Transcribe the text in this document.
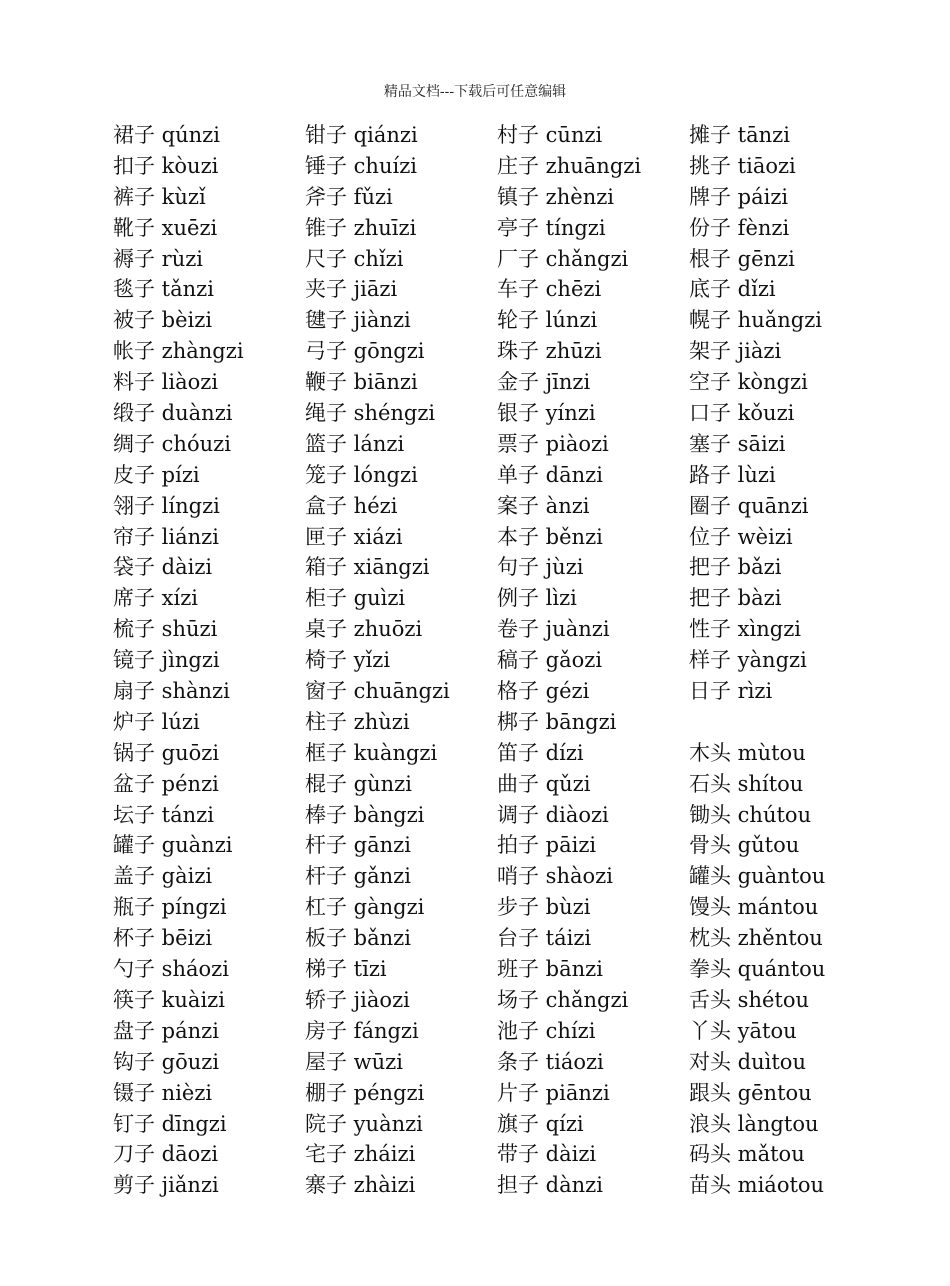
精品文档---下载后可任意编辑
裙子 qúnzi
扣子 kòuzi
裤子 kùzǐ
靴子 xuēzi
褥子 rùzi
毯子 tǎnzi
被子 bèizi
帐子 zhàngzi
料子 liàozi
缎子 duànzi
绸子 chóuzi
皮子 pízi
翎子 língzi
帘子 liánzi
袋子 dàizi
席子 xízi
梳子 shūzi
镜子 jìngzi
扇子 shànzi
炉子 lúzi
锅子 guōzi
盆子 pénzi
坛子 tánzi
罐子 guànzi
盖子 gàizi
瓶子 píngzi
杯子 bēizi
勺子 sháozi
筷子 kuàizi
盘子 pánzi
钩子 gōuzi
镊子 nièzi
钉子 dīngzi
刀子 dāozi
剪子 jiǎnzi
钳子 qiánzi
锤子 chuízi
斧子 fǔzi
锥子 zhuīzi
尺子 chǐzi
夹子 jiāzi
毽子 jiànzi
弓子 gōngzi
鞭子 biānzi
绳子 shéngzi
篮子 lánzi
笼子 lóngzi
盒子 hézi
匣子 xiázi
箱子 xiāngzi
柜子 guìzi
桌子 zhuōzi
椅子 yǐzi
窗子 chuāngzi
柱子 zhùzi
框子 kuàngzi
棍子 gùnzi
棒子 bàngzi
杆子 gānzi
杆子 gǎnzi
杠子 gàngzi
板子 bǎnzi
梯子 tīzi
轿子 jiàozi
房子 fángzi
屋子 wūzi
棚子 péngzi
院子 yuànzi
宅子 zháizi
寨子 zhàizi
村子 cūnzi
庄子 zhuāngzi
镇子 zhènzi
亭子 tíngzi
厂子 chǎngzi
车子 chēzi
轮子 lúnzi
珠子 zhūzi
金子 jīnzi
银子 yínzi
票子 piàozi
单子 dānzi
案子 ànzi
本子 běnzi
句子 jùzi
例子 lìzi
卷子 juànzi
稿子 gǎozi
格子 gézi
梆子 bāngzi
笛子 dízi
曲子 qǔzi
调子 diàozi
拍子 pāizi
哨子 shàozi
步子 bùzi
台子 táizi
班子 bānzi
场子 chǎngzi
池子 chízi
条子 tiáozi
片子 piānzi
旗子 qízi
带子 dàizi
担子 dànzi
摊子 tānzi
挑子 tiāozi
牌子 páizi
份子 fènzi
根子 gēnzi
底子 dǐzi
幌子 huǎngzi
架子 jiàzi
空子 kòngzi
口子 kǒuzi
塞子 sāizi
路子 lùzi
圈子 quānzi
位子 wèizi
把子 bǎzi
把子 bàzi
性子 xìngzi
样子 yàngzi
日子 rìzi
木头 mùtou
石头 shítou
锄头 chútou
骨头 gǔtou
罐头 guàntou
馒头 mántou
枕头 zhěntou
拳头 quántou
舌头 shétou
丫头 yātou
对头 duìtou
跟头 gēntou
浪头 làngtou
码头 mǎtou
苗头 miáotou
